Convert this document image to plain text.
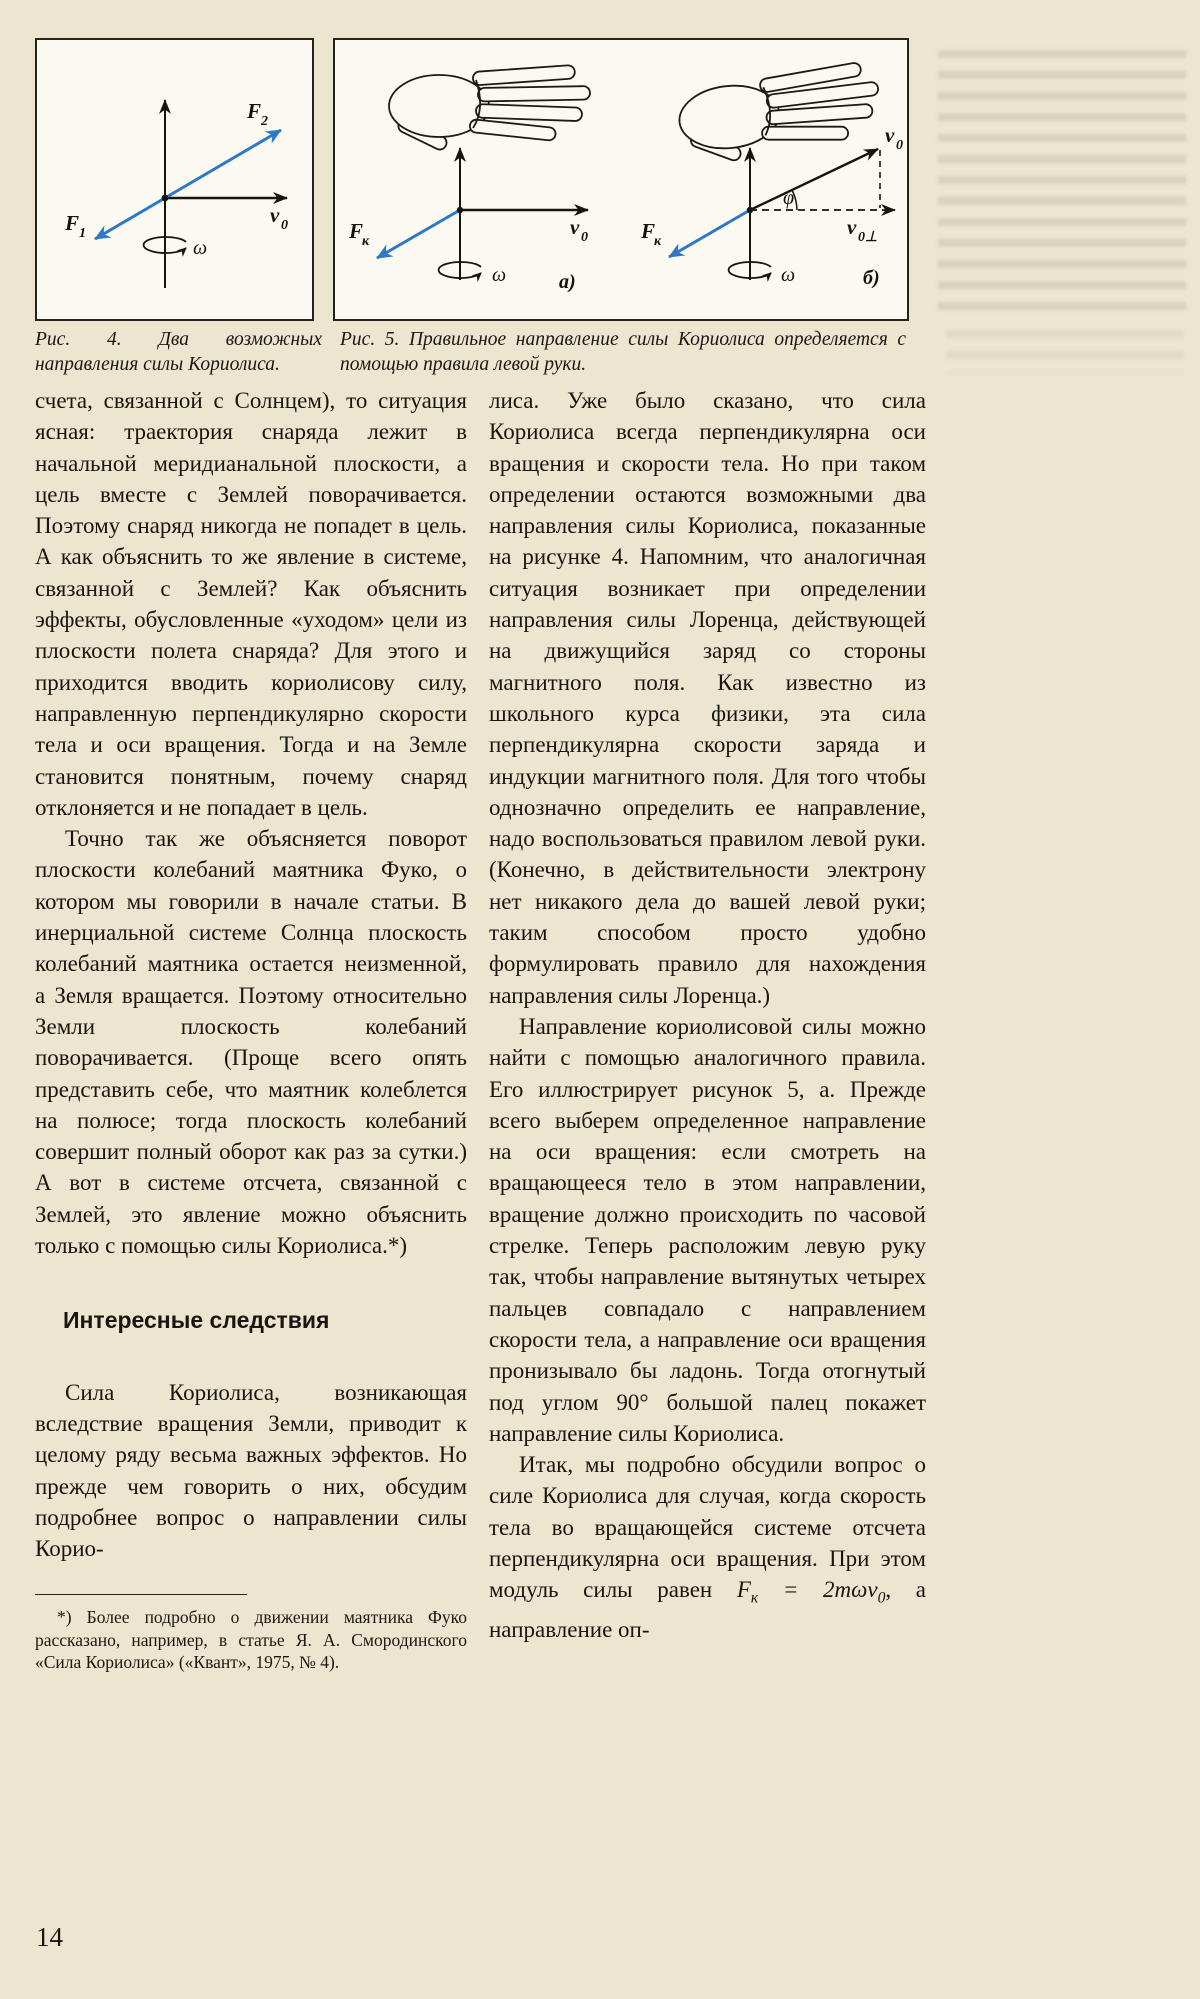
F 2
F 1
v 0
ω
v 0
F
к
ω	а)
v 0
φ
v 0⊥
F
к
ω	б)
Рис. 4. Два возможных направления силы Кориолиса.
Рис. 5. Правильное направление силы Кориолиса определяется с помощью правила левой руки.

счета, связанной с Солнцем), то ситуация ясная: траектория снаряда лежит в начальной меридианальной плоскости, а цель вместе с Землей поворачивается. Поэтому снаряд никогда не попадет в цель. А как объяснить то же явление в системе, связанной с Землей? Как объяснить эффекты, обусловленные «уходом» цели из плоскости полета снаряда? Для этого и приходится вводить кориолисову силу, направленную перпендикулярно скорости тела и оси вращения. Тогда и на Земле становится понятным, почему снаряд отклоняется и не попадает в цель.

Точно так же объясняется поворот плоскости колебаний маятника Фуко, о котором мы говорили в начале статьи. В инерциальной системе Солнца плоскость колебаний маятника остается неизменной, а Земля вращается. Поэтому относительно Земли плоскость колебаний поворачивается. (Проще всего опять представить себе, что маятник колеблется на полюсе; тогда плоскость колебаний совершит полный оборот как раз за сутки.) А вот в системе отсчета, связанной с Землей, это явление можно объяснить только с помощью силы Кориолиса.*)

Интересные следствия

Сила Кориолиса, возникающая вследствие вращения Земли, приводит к целому ряду весьма важных эффектов. Но прежде чем говорить о них, обсудим подробнее вопрос о направлении силы Корио-

*) Более подробно о движении маятника Фуко рассказано, например, в статье Я. А. Смородинского «Сила Кориолиса» («Квант», 1975, № 4).

лиса. Уже было сказано, что сила Кориолиса всегда перпендикулярна оси вращения и скорости тела. Но при таком определении остаются возможными два направления силы Кориолиса, показанные на рисунке 4. Напомним, что аналогичная ситуация возникает при определении направления силы Лоренца, действующей на движущийся заряд со стороны магнитного поля. Как известно из школьного курса физики, эта сила перпендикулярна скорости заряда и индукции магнитного поля. Для того чтобы однозначно определить ее направление, надо воспользоваться правилом левой руки. (Конечно, в действительности электрону нет никакого дела до вашей левой руки; таким способом просто удобно формулировать правило для нахождения направления силы Лоренца.)

Направление кориолисовой силы можно найти с помощью аналогичного правила. Его иллюстрирует рисунок 5, а. Прежде всего выберем определенное направление на оси вращения: если смотреть на вращающееся тело в этом направлении, вращение должно происходить по часовой стрелке. Теперь расположим левую руку так, чтобы направление вытянутых четырех пальцев совпадало с направлением скорости тела, а направление оси вращения пронизывало бы ладонь. Тогда отогнутый под углом 90° большой палец покажет направление силы Кориолиса.

Итак, мы подробно обсудили вопрос о силе Кориолиса для случая, когда скорость тела во вращающейся системе отсчета перпендикулярна оси вращения. При этом модуль силы равен $F_к = 2m\omega v_0$, а направление оп-

14
